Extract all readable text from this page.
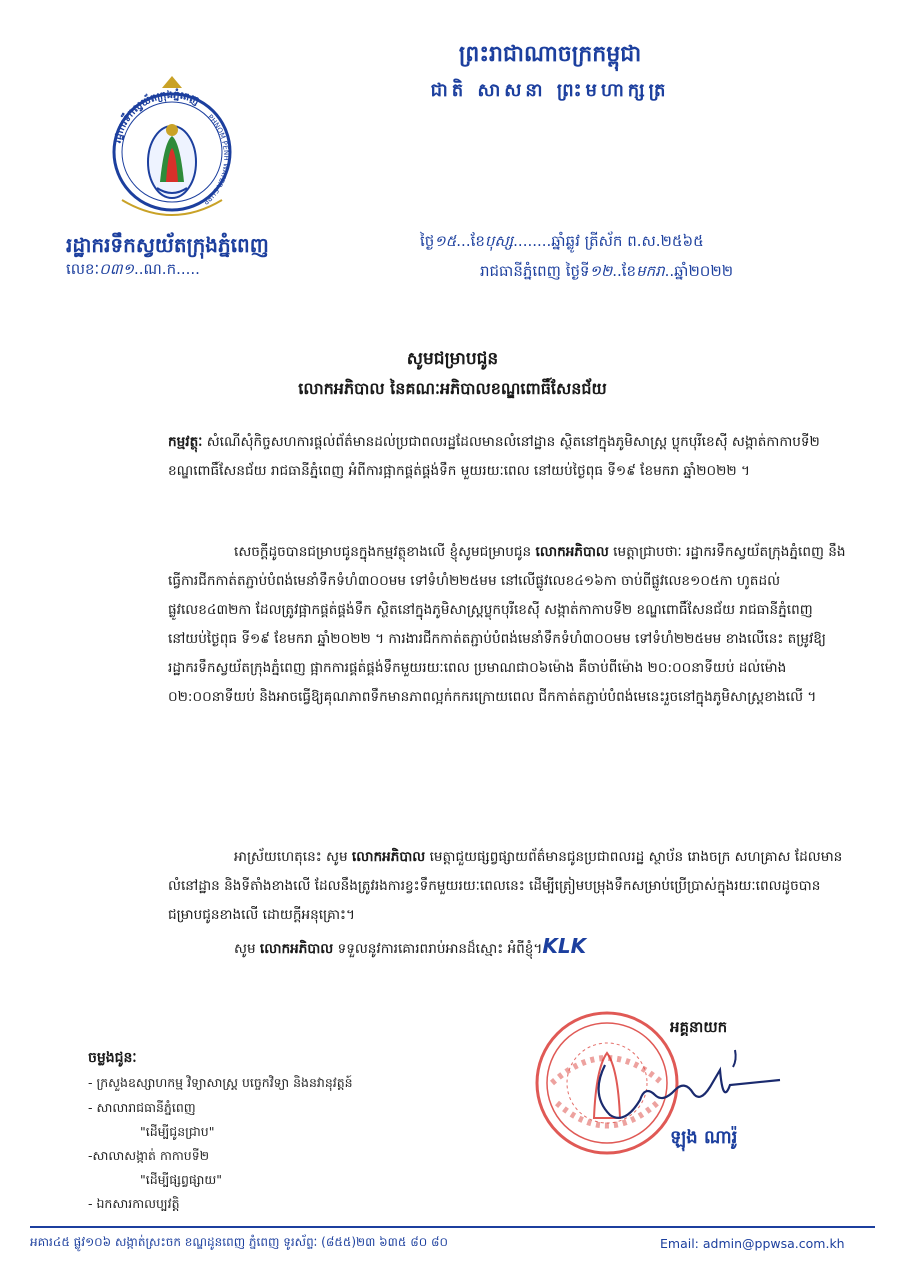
ព្រះរាជាណាចក្រកម្ពុជា
ជាតិ សាសនា ព្រះមហាក្សត្រ
រដ្ឋាករទឹកស្វយ័តក្រុងភ្នំពេញ
PHNOM PENH WATER SUPP
រដ្ឋាករទឹកស្វយ័តក្រុងភ្នំពេញ
លេខៈ០៣១..ណ.ក.....
ថ្ងៃ១៥...ខែបុស្ស........ឆ្នាំឆ្លូវ ត្រីស័ក ព.ស.២៥៦៥
រាជធានីភ្នំពេញ ថ្ងៃទី១២..ខែមករា..ឆ្នាំ២០២២
សូមជម្រាបជូន
លោកអភិបាល នៃគណៈអភិបាលខណ្ឌពោធិ៍សែនជ័យ
កម្មវត្ថុៈ សំណើសុំកិច្ចសហការផ្តល់ព័ត៌មានដល់ប្រជាពលរដ្ឋដែលមានលំនៅដ្ឋាន ស្ថិតនៅក្នុងភូមិសាស្ត្រ ប្លុកបុរីខេស៊ី សង្កាត់កាកាបទី២ ខណ្ឌពោធិ៍សែនជ័យ រាជធានីភ្នំពេញ អំពីការផ្អាកផ្គត់ផ្គង់ទឹក មួយរយៈពេល នៅយប់ថ្ងៃពុធ ទី១៩ ខែមករា ឆ្នាំ២០២២ ។
សេចក្តីដូចបានជម្រាបជូនក្នុងកម្មវត្ថុខាងលើ ខ្ញុំសូមជម្រាបជូន លោកអភិបាល មេត្តាជ្រាបថាៈ រដ្ឋាករទឹកស្វយ័តក្រុងភ្នំពេញ នឹងធ្វើការជីកកាត់តភ្ជាប់បំពង់មេនាំទឹកទំហំ៣០០មម ទៅទំហំ២២៥មម នៅលើផ្លូវលេខ៤១៦កា ចាប់ពីផ្លូវលេខ១០៥កា ហូតដល់ផ្លូវលេខ៤៣២កា ដែលត្រូវផ្អាកផ្គត់ផ្គង់ទឹក ស្ថិតនៅក្នុងភូមិសាស្ត្រប្លុកបុរីខេស៊ី សង្កាត់កាកាបទី២ ខណ្ឌពោធិ៍សែនជ័យ រាជធានីភ្នំពេញ នៅយប់ថ្ងៃពុធ ទី១៩ ខែមករា ឆ្នាំ២០២២ ។ ការងារជីកកាត់តភ្ជាប់បំពង់មេនាំទឹកទំហំ៣០០មម ទៅទំហំ២២៥មម ខាងលើនេះ តម្រូវឱ្យ រដ្ឋាករទឹកស្វយ័តក្រុងភ្នំពេញ ផ្អាកការផ្គត់ផ្គង់ទឹកមួយរយៈពេល ប្រមាណជា០៦ម៉ោង គឺចាប់ពីម៉ោង ២០:០០នាទីយប់ ដល់ម៉ោង ០២:០០នាទីយប់ និងអាចធ្វើឱ្យគុណភាពទឹកមានភាពល្អក់កករក្រោយពេល ជីកកាត់តភ្ជាប់បំពង់មេនេះរួចនៅក្នុងភូមិសាស្ត្រខាងលើ ។
អាស្រ័យហេតុនេះ សូម លោកអភិបាល មេត្តាជួយផ្សព្វផ្សាយព័ត៌មានជូនប្រជាពលរដ្ឋ ស្ថាប័ន រោងចក្រ សហគ្រាស ដែលមានលំនៅដ្ឋាន និងទីតាំងខាងលើ ដែលនឹងត្រូវរងការខ្វះទឹកមួយរយៈពេលនេះ ដើម្បីត្រៀមបម្រុងទឹកសម្រាប់ប្រើប្រាស់ក្នុងរយៈពេលដូចបានជម្រាបជូនខាងលើ ដោយក្តីអនុគ្រោះ។
សូម លោកអភិបាល ទទួលនូវការគោរពរាប់អានដ៏ស្មោះ អំពីខ្ញុំ។KLK
អគ្គនាយក
ឡុង ណារ៉ូ
ចម្លងជូនៈ
- ក្រសួងឧស្សាហកម្ម វិទ្យាសាស្ត្រ បច្ចេកវិទ្យា និងនវានុវត្តន៍
- សាលារាជធានីភ្នំពេញ
"ដើម្បីជូនជ្រាប"
-សាលាសង្កាត់ កាកាបទី២
"ដើម្បីផ្សព្វផ្សាយ"
- ឯកសារកាលប្បវត្តិ
អគារ៤៥ ផ្លូវ១០៦ សង្កាត់ស្រះចក ខណ្ឌដូនពេញ ភ្នំពេញ ទូរស័ព្ទៈ (៨៥៥)២៣ ៦៣៥ ៨០ ៨០	Email: admin@ppwsa.com.kh
